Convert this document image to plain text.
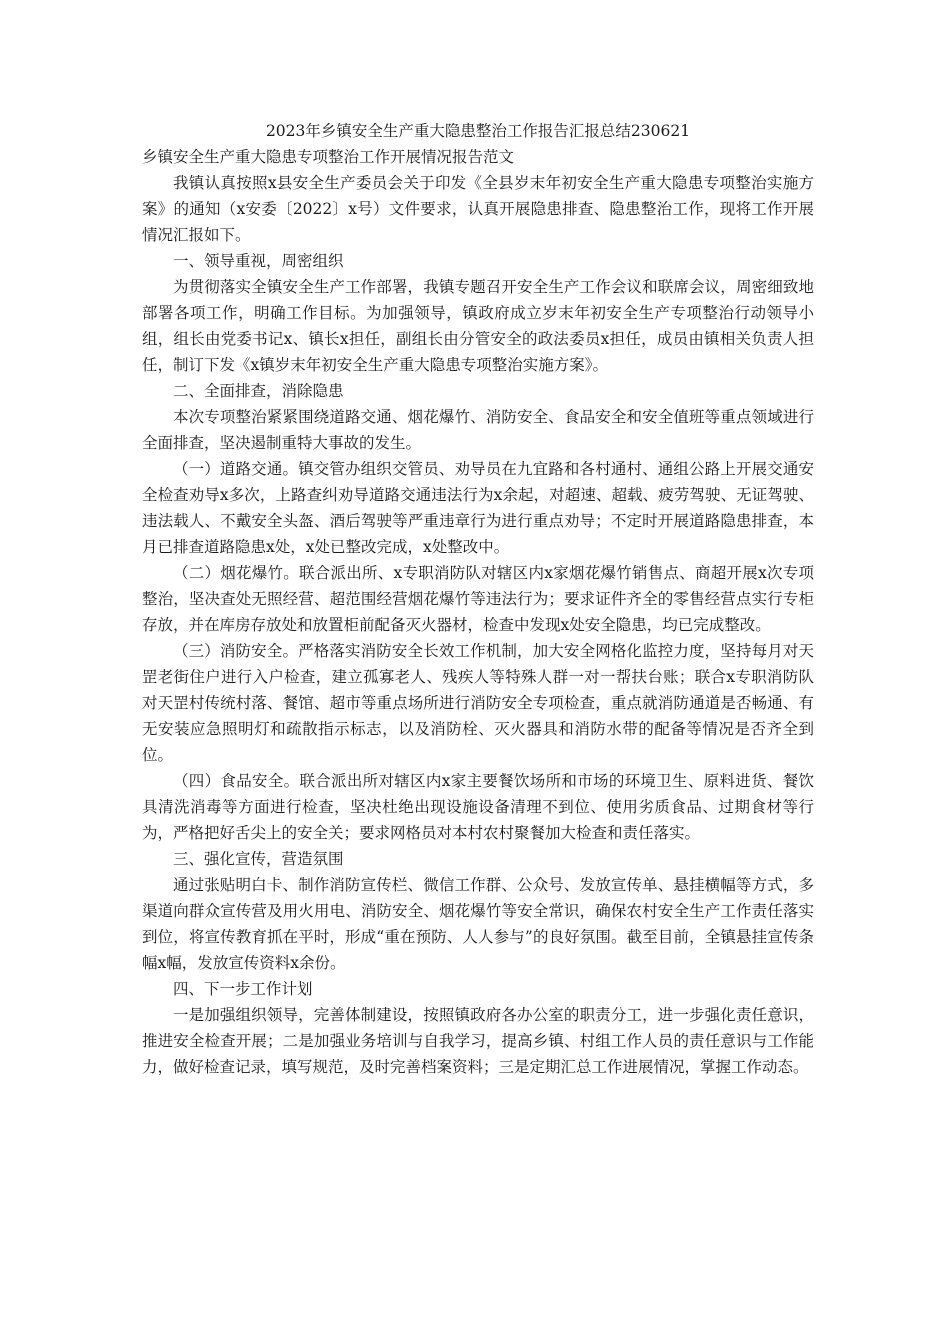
2023年乡镇安全生产重大隐患整治工作报告汇报总结230621
乡镇安全生产重大隐患专项整治工作开展情况报告范文

我镇认真按照x县安全生产委员会关于印发《全县岁末年初安全生产重大隐患专项整治实施方案》的通知（x安委〔2022〕x号）文件要求，认真开展隐患排查、隐患整治工作，现将工作开展情况汇报如下。

一、领导重视，周密组织

为贯彻落实全镇安全生产工作部署，我镇专题召开安全生产工作会议和联席会议，周密细致地部署各项工作，明确工作目标。为加强领导，镇政府成立岁末年初安全生产专项整治行动领导小组，组长由党委书记x、镇长x担任，副组长由分管安全的政法委员x担任，成员由镇相关负责人担任，制订下发《x镇岁末年初安全生产重大隐患专项整治实施方案》。

二、全面排查，消除隐患

本次专项整治紧紧围绕道路交通、烟花爆竹、消防安全、食品安全和安全值班等重点领域进行全面排查，坚决遏制重特大事故的发生。

（一）道路交通。镇交管办组织交管员、劝导员在九宜路和各村通村、通组公路上开展交通安全检查劝导x多次，上路查纠劝导道路交通违法行为x余起，对超速、超载、疲劳驾驶、无证驾驶、违法载人、不戴安全头盔、酒后驾驶等严重违章行为进行重点劝导；不定时开展道路隐患排查，本月已排查道路隐患x处，x处已整改完成，x处整改中。

（二）烟花爆竹。联合派出所、x专职消防队对辖区内x家烟花爆竹销售点、商超开展x次专项整治，坚决查处无照经营、超范围经营烟花爆竹等违法行为；要求证件齐全的零售经营点实行专柜存放，并在库房存放处和放置柜前配备灭火器材，检查中发现x处安全隐患，均已完成整改。

（三）消防安全。严格落实消防安全长效工作机制，加大安全网格化监控力度，坚持每月对天罡老街住户进行入户检查，建立孤寡老人、残疾人等特殊人群一对一帮扶台账；联合x专职消防队对天罡村传统村落、餐馆、超市等重点场所进行消防安全专项检查，重点就消防通道是否畅通、有无安装应急照明灯和疏散指示标志，以及消防栓、灭火器具和消防水带的配备等情况是否齐全到位。

（四）食品安全。联合派出所对辖区内x家主要餐饮场所和市场的环境卫生、原料进货、餐饮具清洗消毒等方面进行检查，坚决杜绝出现设施设备清理不到位、使用劣质食品、过期食材等行为，严格把好舌尖上的安全关；要求网格员对本村农村聚餐加大检查和责任落实。

三、强化宣传，营造氛围

通过张贴明白卡、制作消防宣传栏、微信工作群、公众号、发放宣传单、悬挂横幅等方式，多渠道向群众宣传营及用火用电、消防安全、烟花爆竹等安全常识，确保农村安全生产工作责任落实到位，将宣传教育抓在平时，形成“重在预防、人人参与”的良好氛围。截至目前，全镇悬挂宣传条幅x幅，发放宣传资料x余份。

四、下一步工作计划

一是加强组织领导，完善体制建设，按照镇政府各办公室的职责分工，进一步强化责任意识，推进安全检查开展；二是加强业务培训与自我学习，提高乡镇、村组工作人员的责任意识与工作能力，做好检查记录，填写规范，及时完善档案资料；三是定期汇总工作进展情况，掌握工作动态。
